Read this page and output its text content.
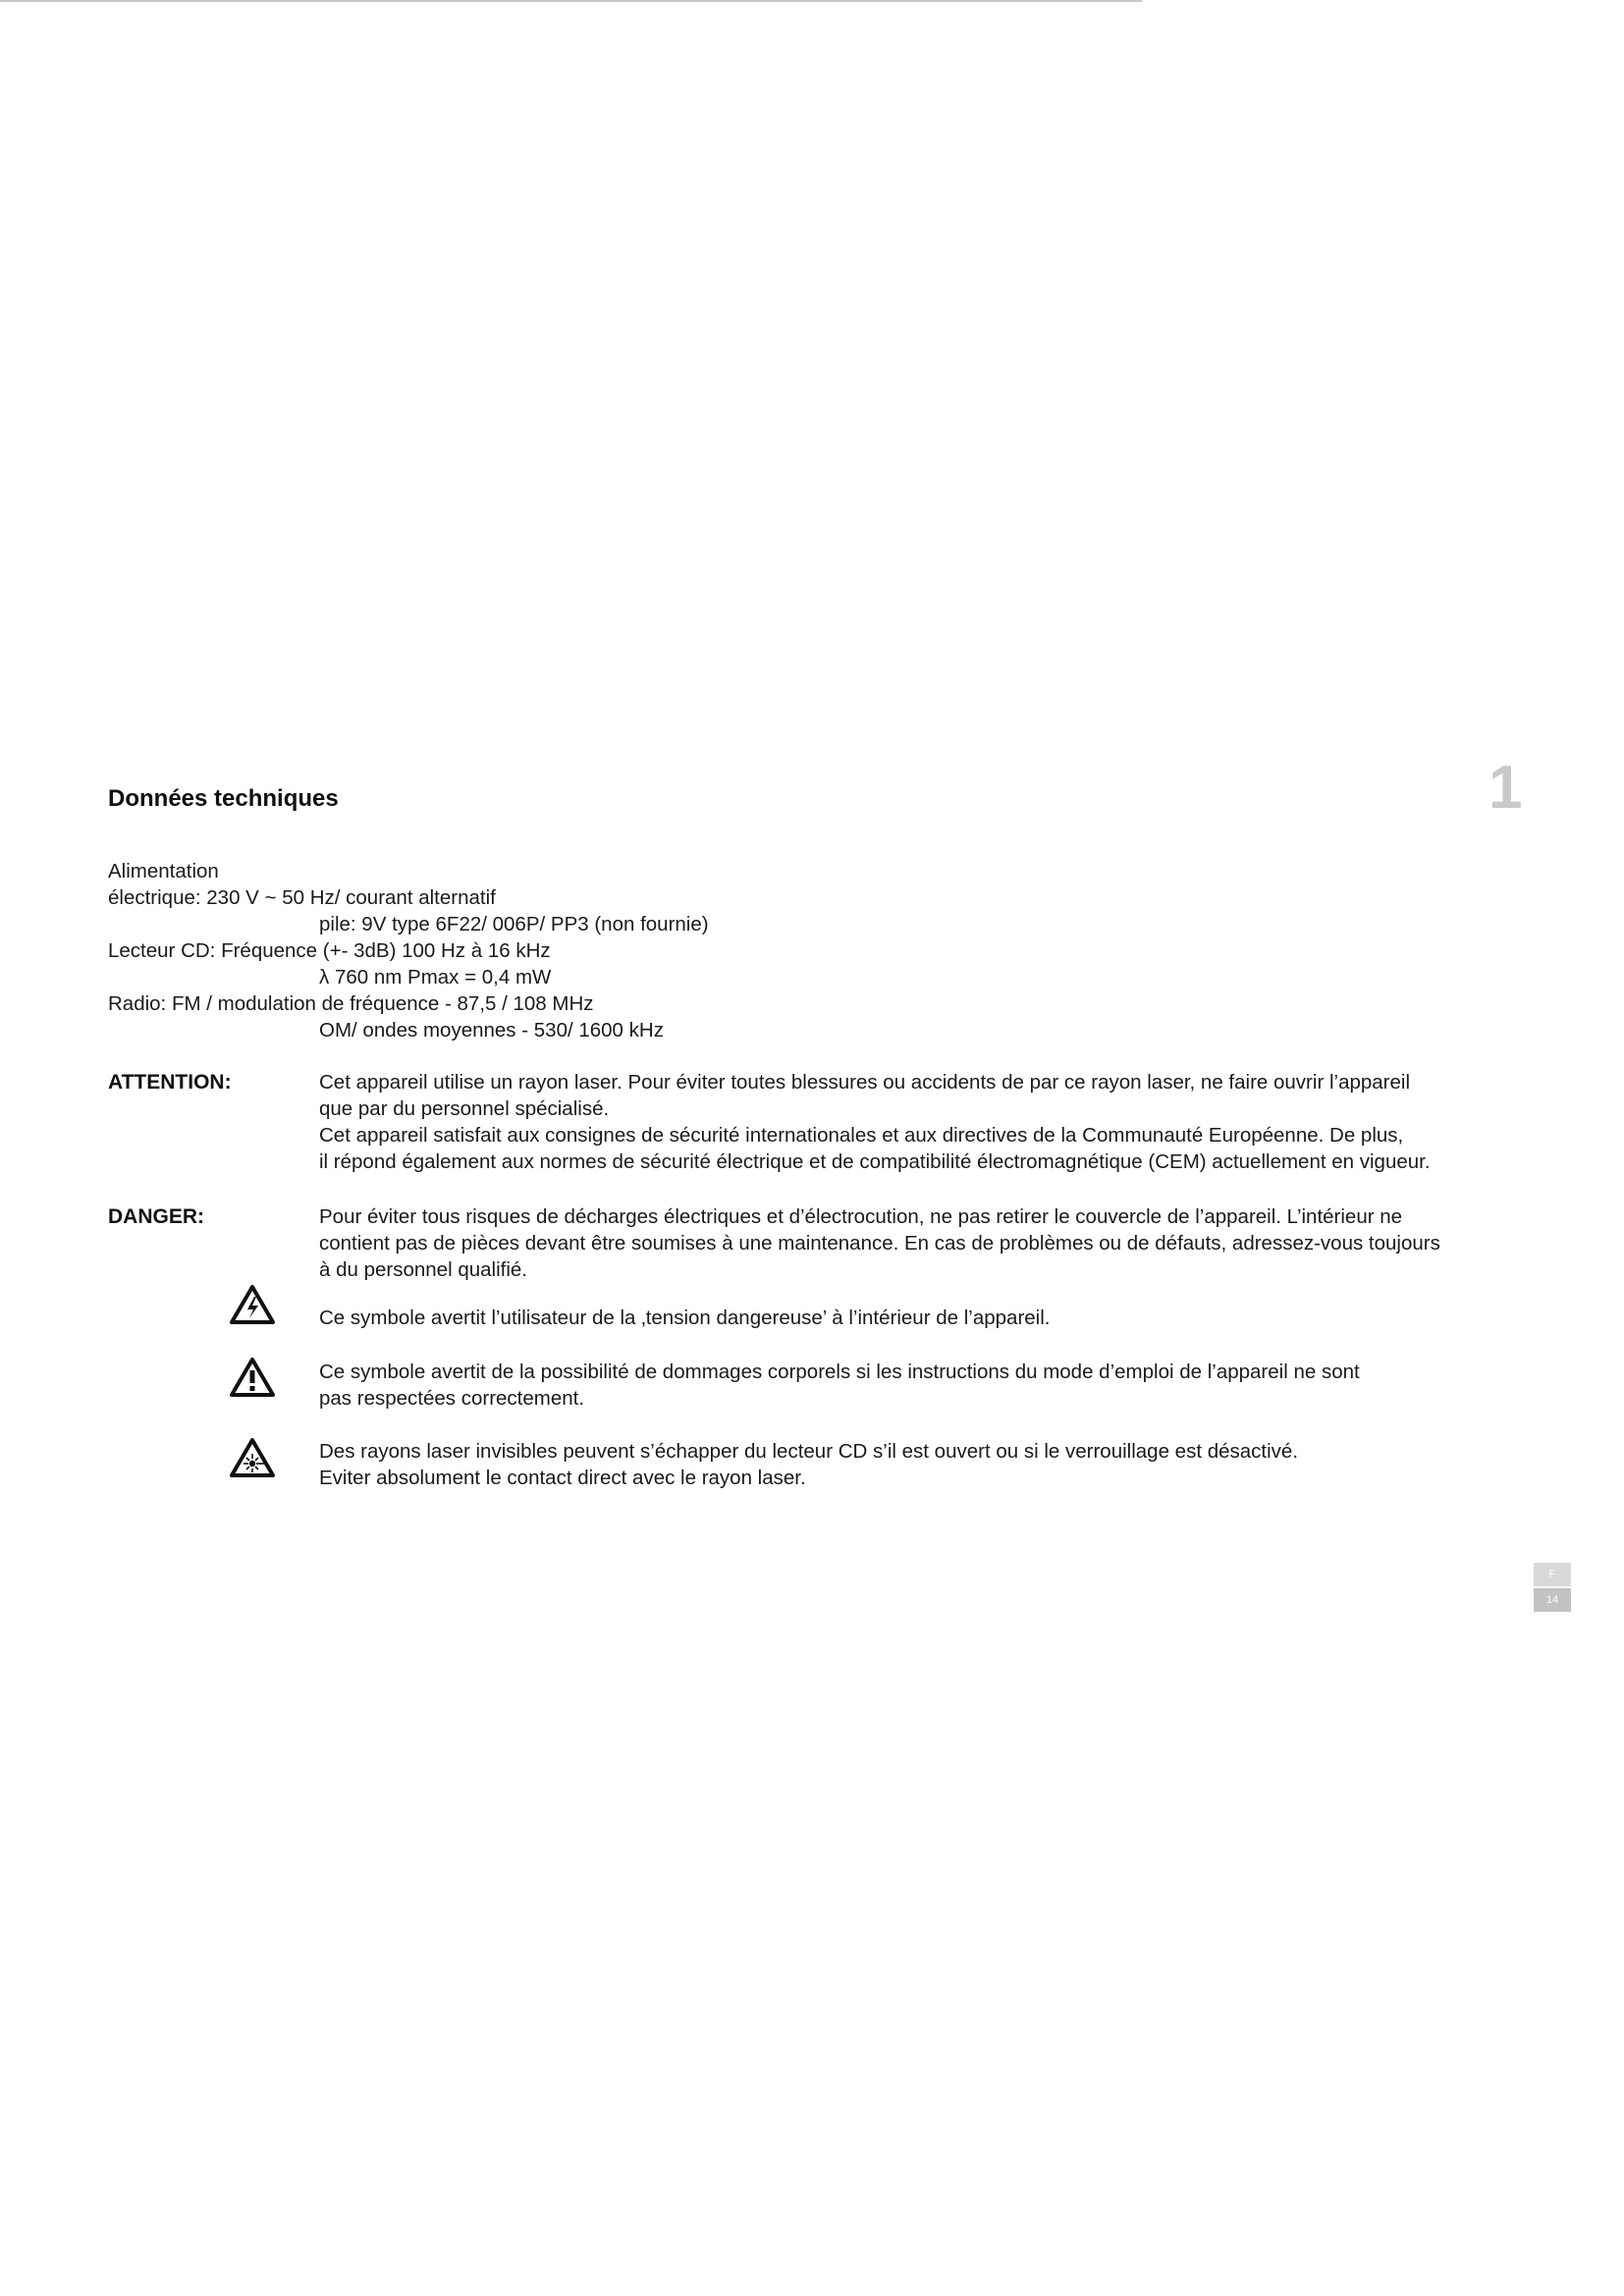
Données techniques	1
Alimentation
électrique: 230 V ~ 50 Hz/ courant alternatif
pile: 9V type 6F22/ 006P/ PP3 (non fournie)
Lecteur CD: Fréquence (+- 3dB) 100 Hz à 16 kHz
λ 760 nm Pmax = 0,4 mW
Radio: FM / modulation de fréquence - 87,5 / 108 MHz
OM/ ondes moyennes - 530/ 1600 kHz
ATTENTION:	Cet appareil utilise un rayon laser. Pour éviter toutes blessures ou accidents de par ce rayon laser, ne faire ouvrir l’appareil
que par du personnel spécialisé.
Cet appareil satisfait aux consignes de sécurité internationales et aux directives de la Communauté Européenne. De plus,
il répond également aux normes de sécurité électrique et de compatibilité électromagnétique (CEM) actuellement en vigueur.
DANGER:	Pour éviter tous risques de décharges électriques et d’électrocution, ne pas retirer le couvercle de l’appareil. L’intérieur ne
contient pas de pièces devant être soumises à une maintenance. En cas de problèmes ou de défauts, adressez-vous toujours
à du personnel qualifié.
Ce symbole avertit l’utilisateur de la ‚tension dangereuse’ à l’intérieur de l’appareil.
Ce symbole avertit de la possibilité de dommages corporels si les instructions du mode d’emploi de l’appareil ne sont
pas respectées correctement.
Des rayons laser invisibles peuvent s’échapper du lecteur CD s’il est ouvert ou si le verrouillage est désactivé.
Eviter absolument le contact direct avec le rayon laser.
F
14
